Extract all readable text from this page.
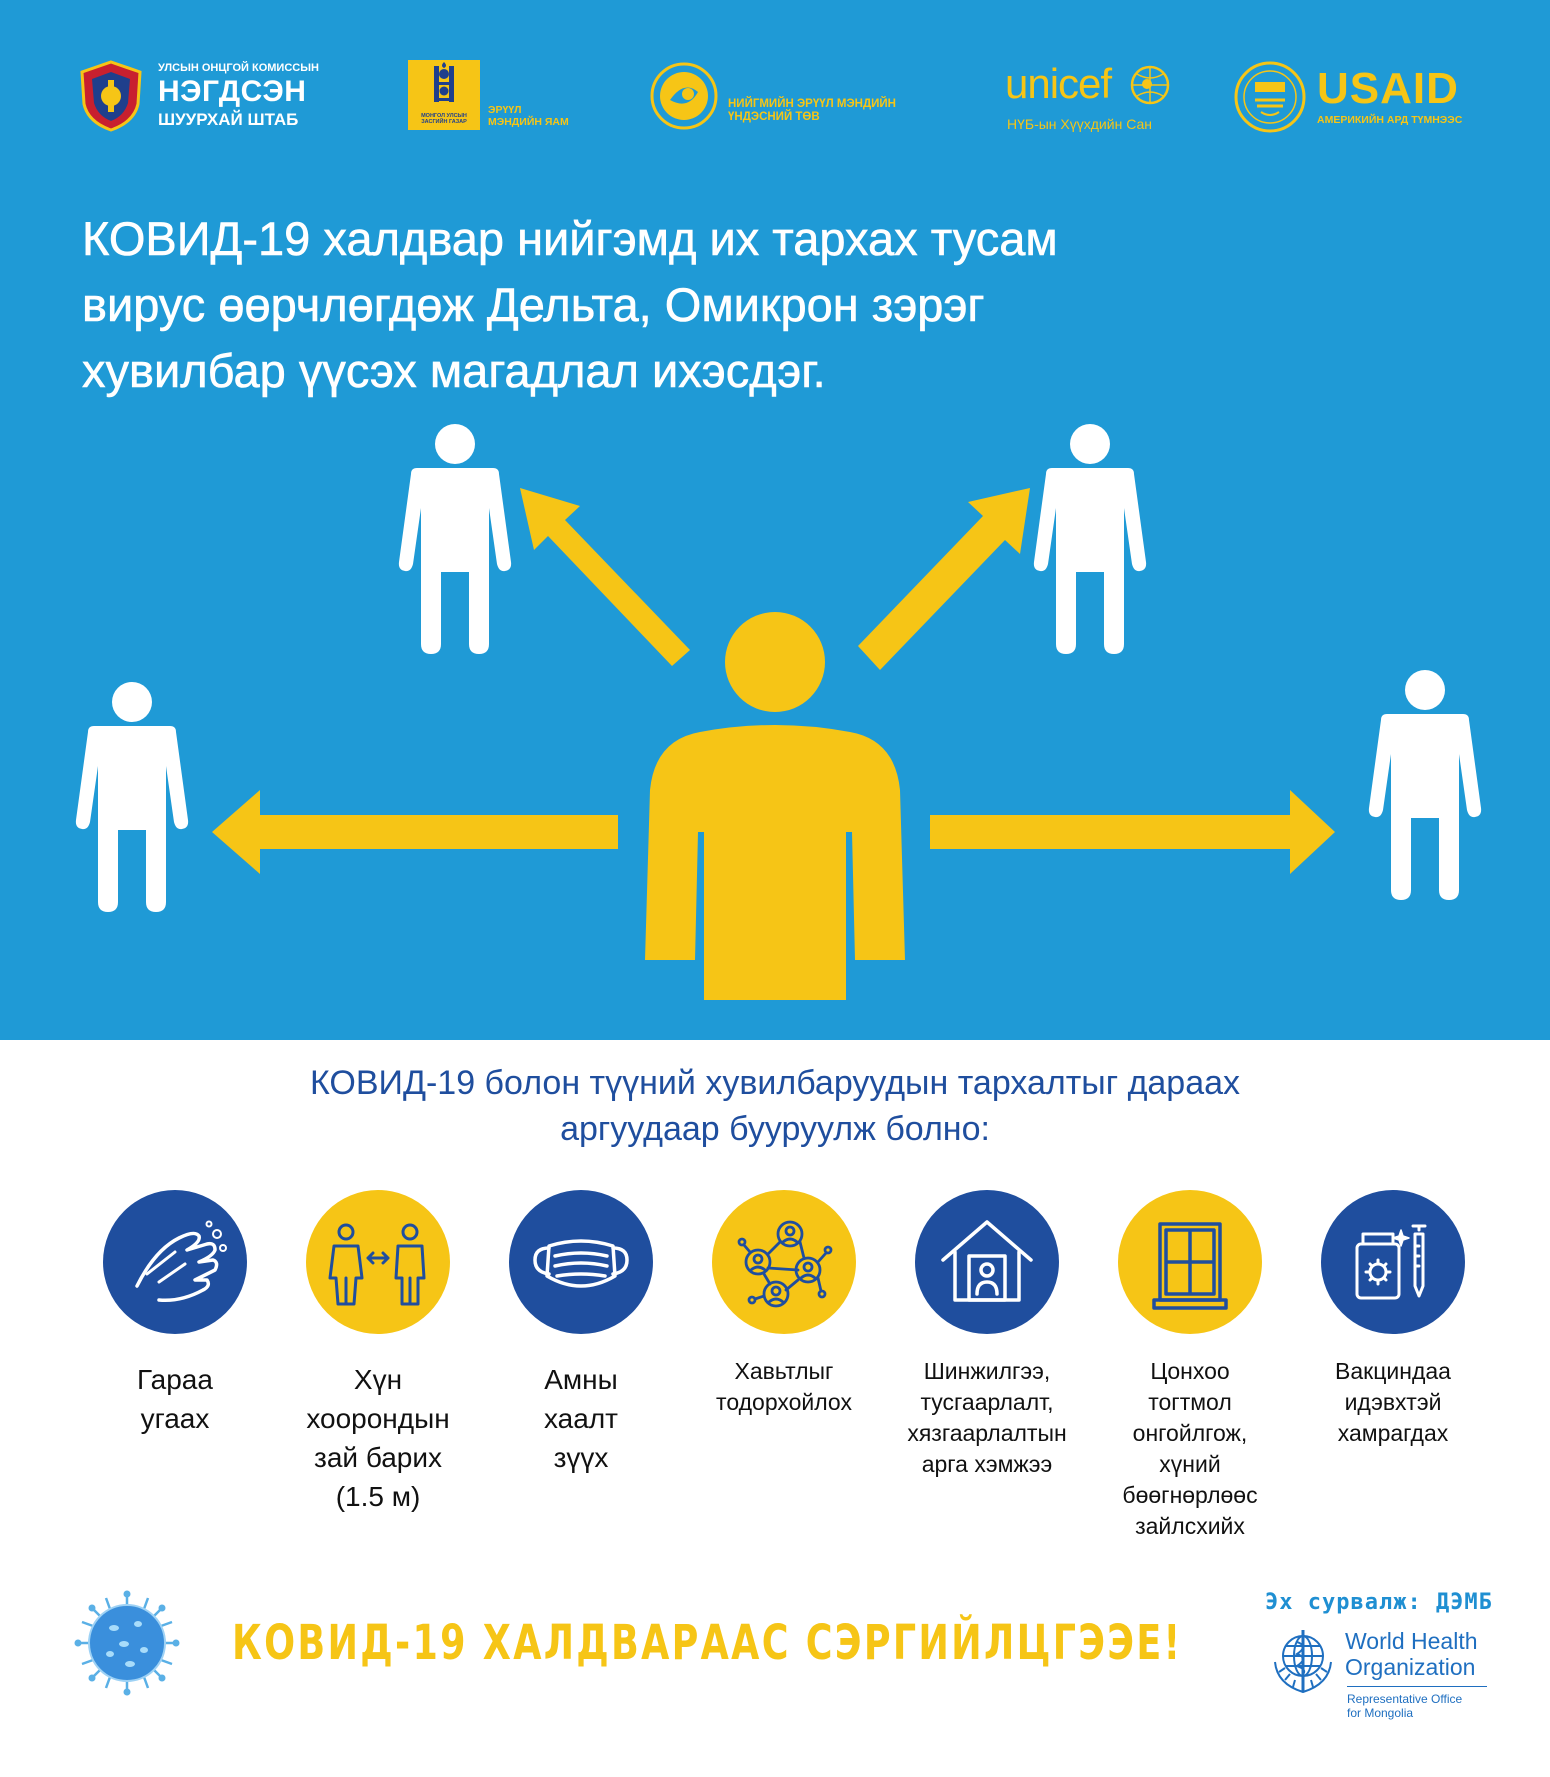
УЛСЫН ОНЦГОЙ КОМИССЫН
НЭГДСЭН
ШУУРХАЙ ШТАБ	МОНГОЛ УЛСЫН ЗАСГИЙН ГАЗАР
ЭРҮҮЛ
МЭНДИЙН ЯАМ
НИЙГМИЙН ЭРҮҮЛ МЭНДИЙН
ҮНДЭСНИЙ ТӨВ
unicef
НҮБ-ын Хүүхдийн Сан
USAID
АМЕРИКИЙН АРД ТҮМНЭЭС
КОВИД-19 халдвар нийгэмд их тархах тусам
вирус өөрчлөгдөж Дельта, Омикрон зэрэг
хувилбар үүсэх магадлал ихэсдэг.
КОВИД-19 болон түүний хувилбаруудын тархалтыг дараах
аргуудаар бууруулж болно:
Гараа
угаах
Хүн
хоорондын
зай барих
(1.5 м)
Амны
хаалт
зүүх
Хавьтлыг
тодорхойлох
Шинжилгээ,
тусгаарлалт,
хязгаарлалтын
арга хэмжээ
Цонхоо
тогтмол
онгойлгож,
хүний
бөөгнөрлөөс
зайлсхийх
Вакциндаа
идэвхтэй
хамрагдах
КОВИД-19 ХАЛДВАРААС СЭРГИЙЛЦГЭЭЕ!
Эх сурвалж: ДЭМБ
World Health
Organization
Representative Office
for Mongolia
